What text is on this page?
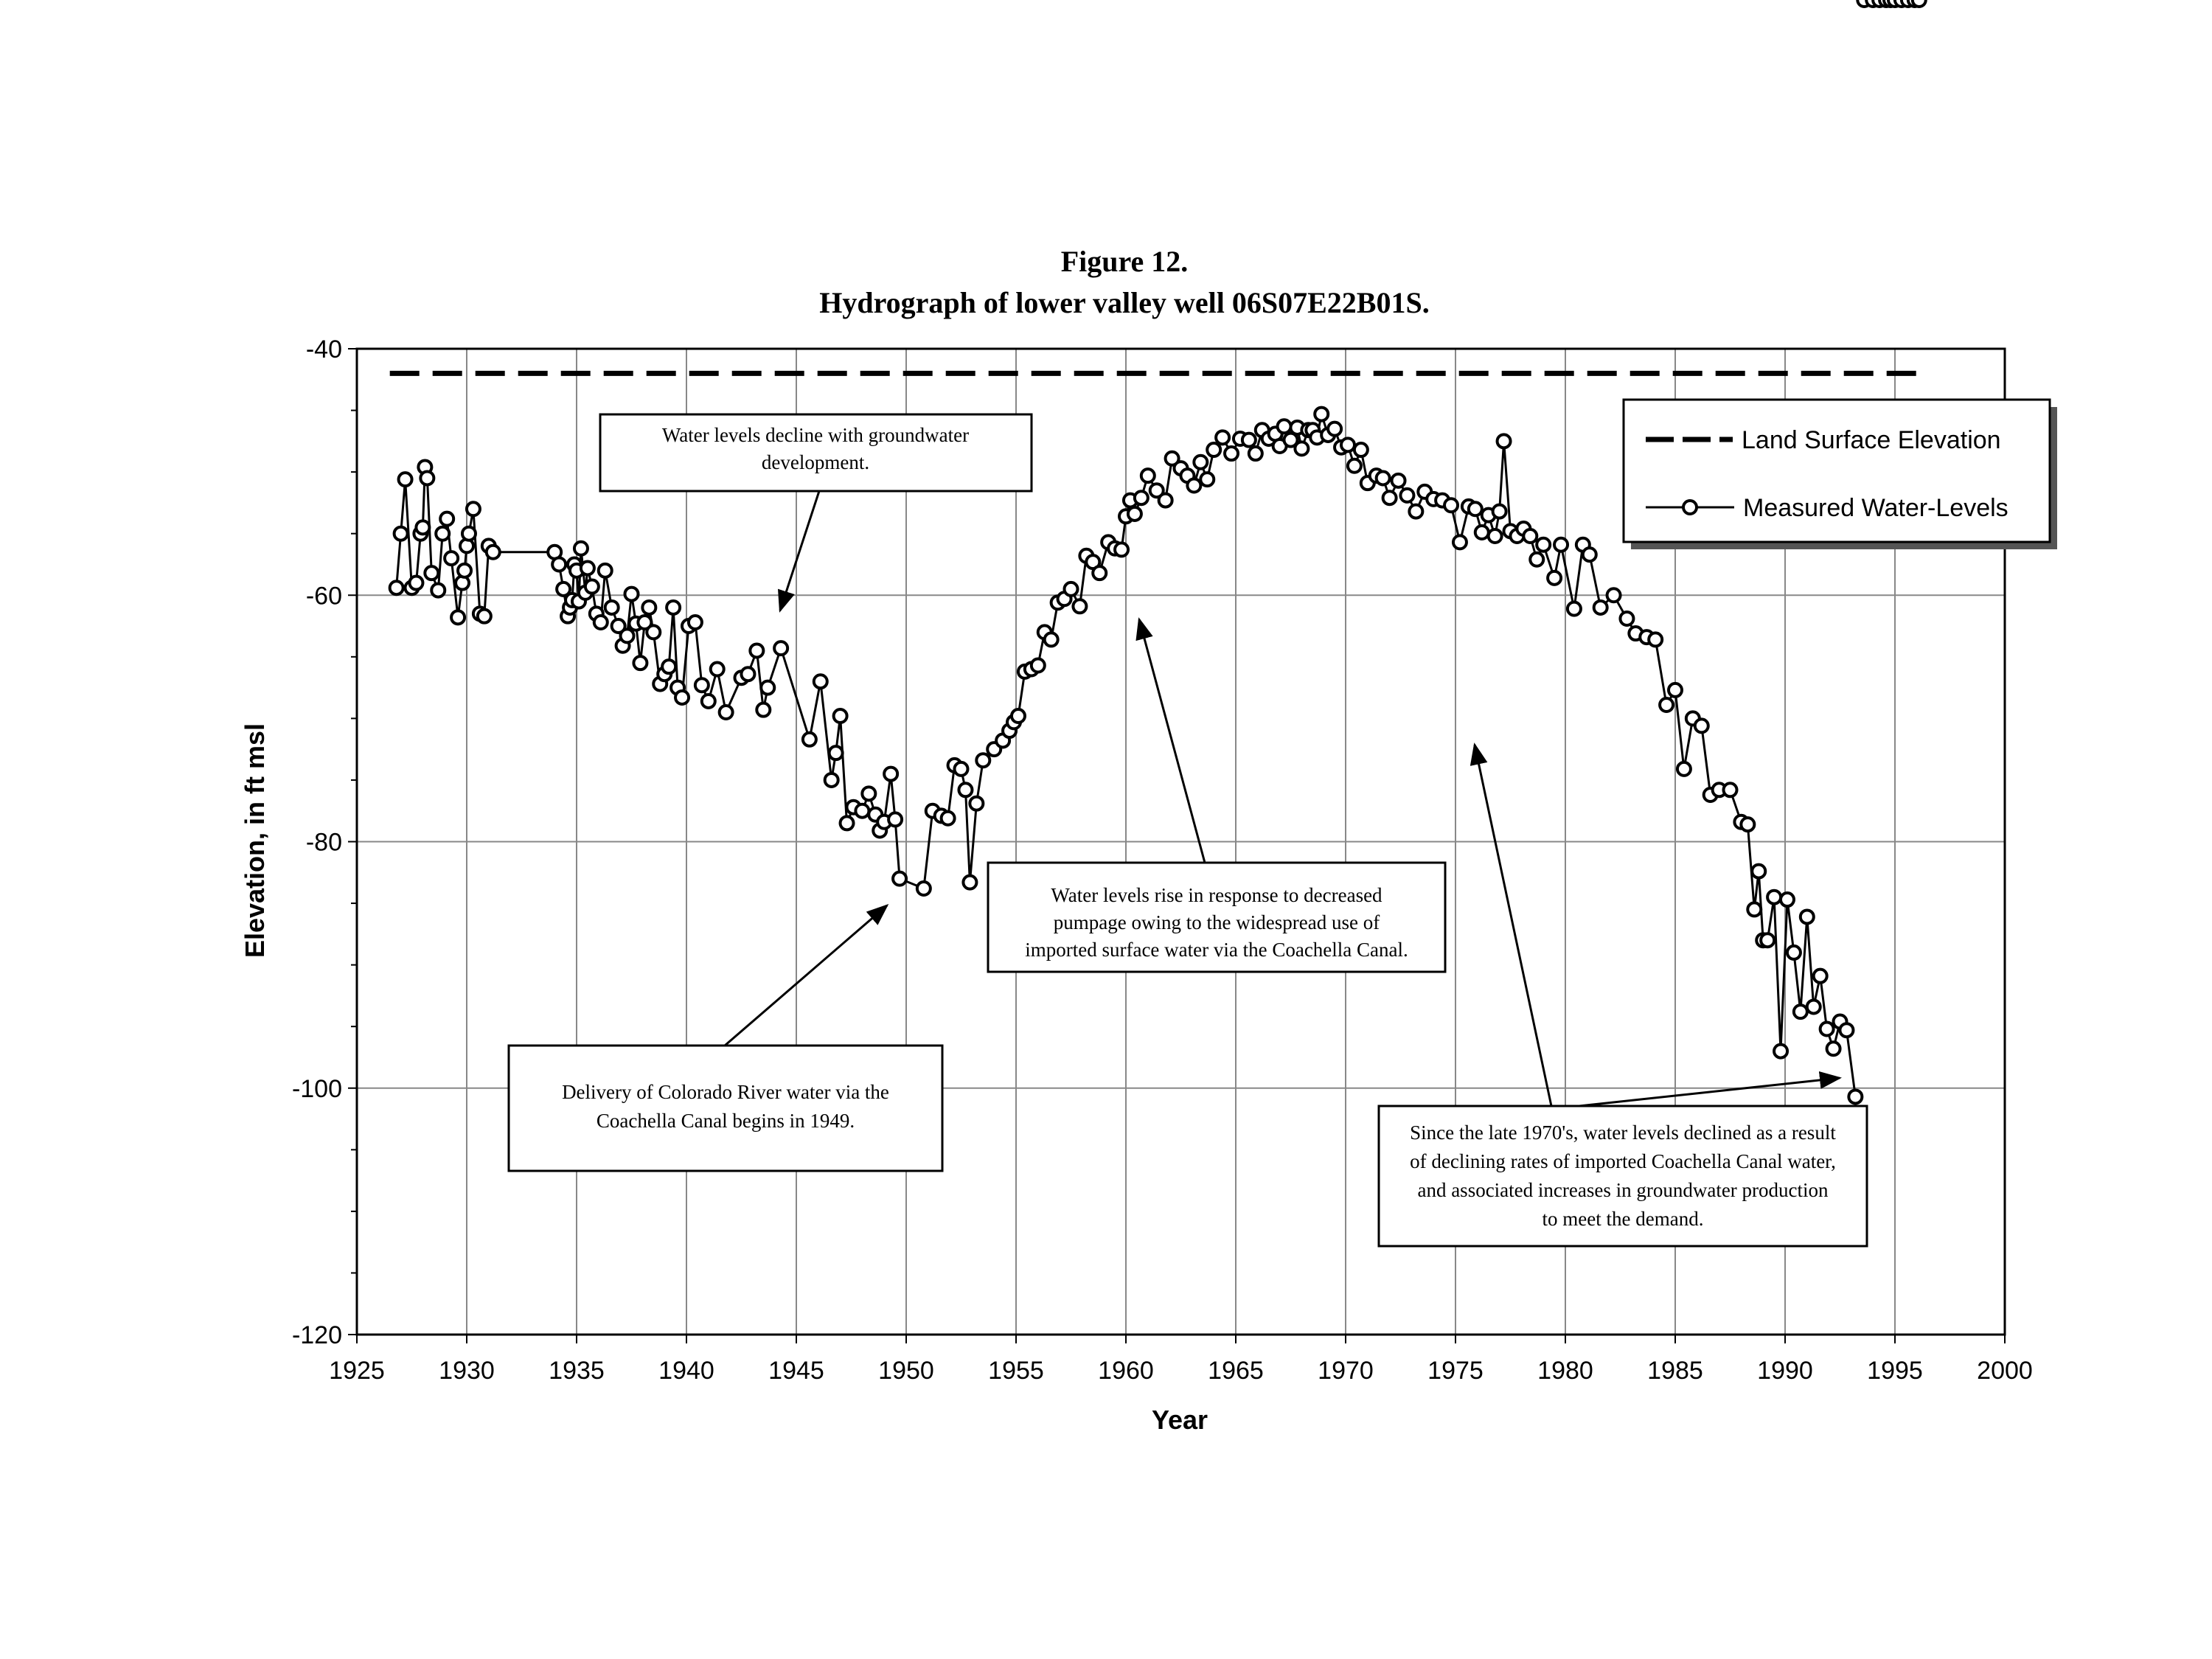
Figure 12.
Hydrograph of lower valley well 06S07E22B01S.
1925 1930 1935 1940 1945 1950 1955 1960 1965 1970 1975 1980 1985 1990 1995 2000
-40
-60
-80
-100
-120
Year
Elevation, in ft msl
Land Surface Elevation
Measured Water-Levels
Water levels decline with groundwater
development.
Water levels rise in response to decreased
pumpage owing to the widespread use of
imported surface water via the Coachella Canal.
Delivery of Colorado River water via the
Coachella Canal begins in 1949.
Since the late 1970's, water levels declined as a result
of declining rates of imported Coachella Canal water,
and associated increases in groundwater production
to meet the demand.
